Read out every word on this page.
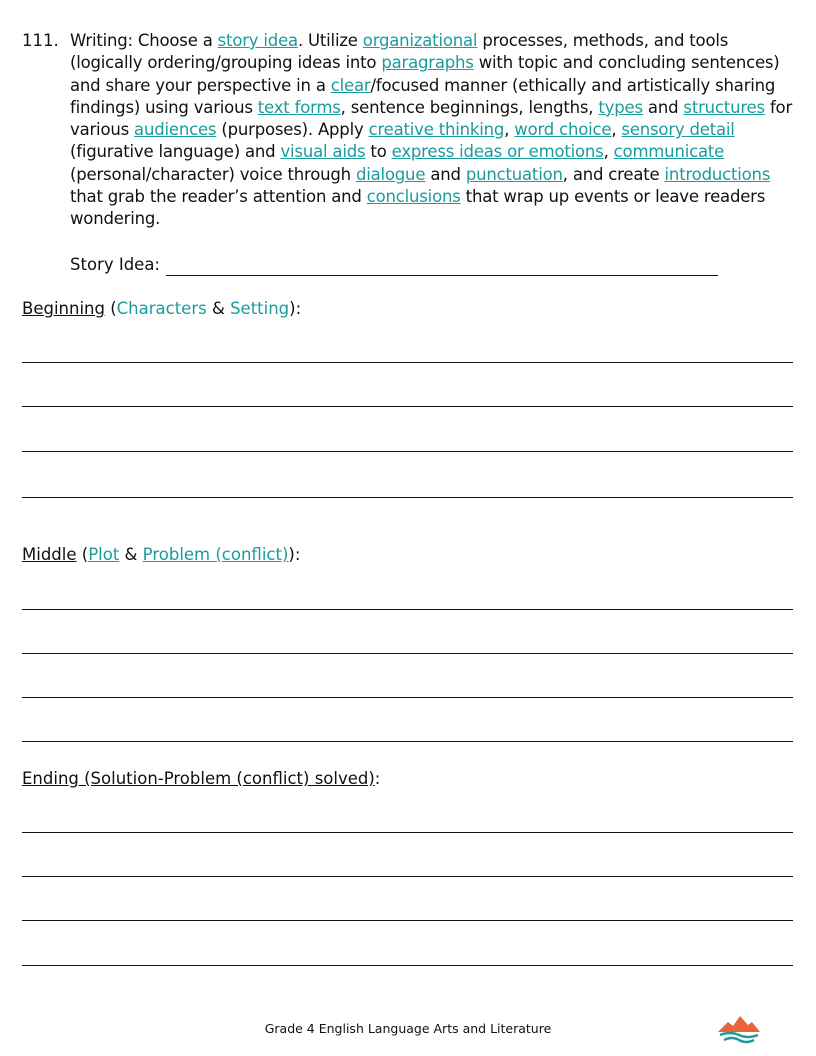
111. Writing: Choose a story idea. Utilize organizational processes, methods, and tools (logically ordering/grouping ideas into paragraphs with topic and concluding sentences) and share your perspective in a clear/focused manner (ethically and artistically sharing findings) using various text forms, sentence beginnings, lengths, types and structures for various audiences (purposes). Apply creative thinking, word choice, sensory detail (figurative language) and visual aids to express ideas or emotions, communicate (personal/character) voice through dialogue and punctuation, and create introductions that grab the reader’s attention and conclusions that wrap up events or leave readers wondering.
Story Idea:
Beginning (Characters & Setting):
Middle (Plot & Problem (conflict)):
Ending (Solution-Problem (conflict) solved):
Grade 4 English Language Arts and Literature
